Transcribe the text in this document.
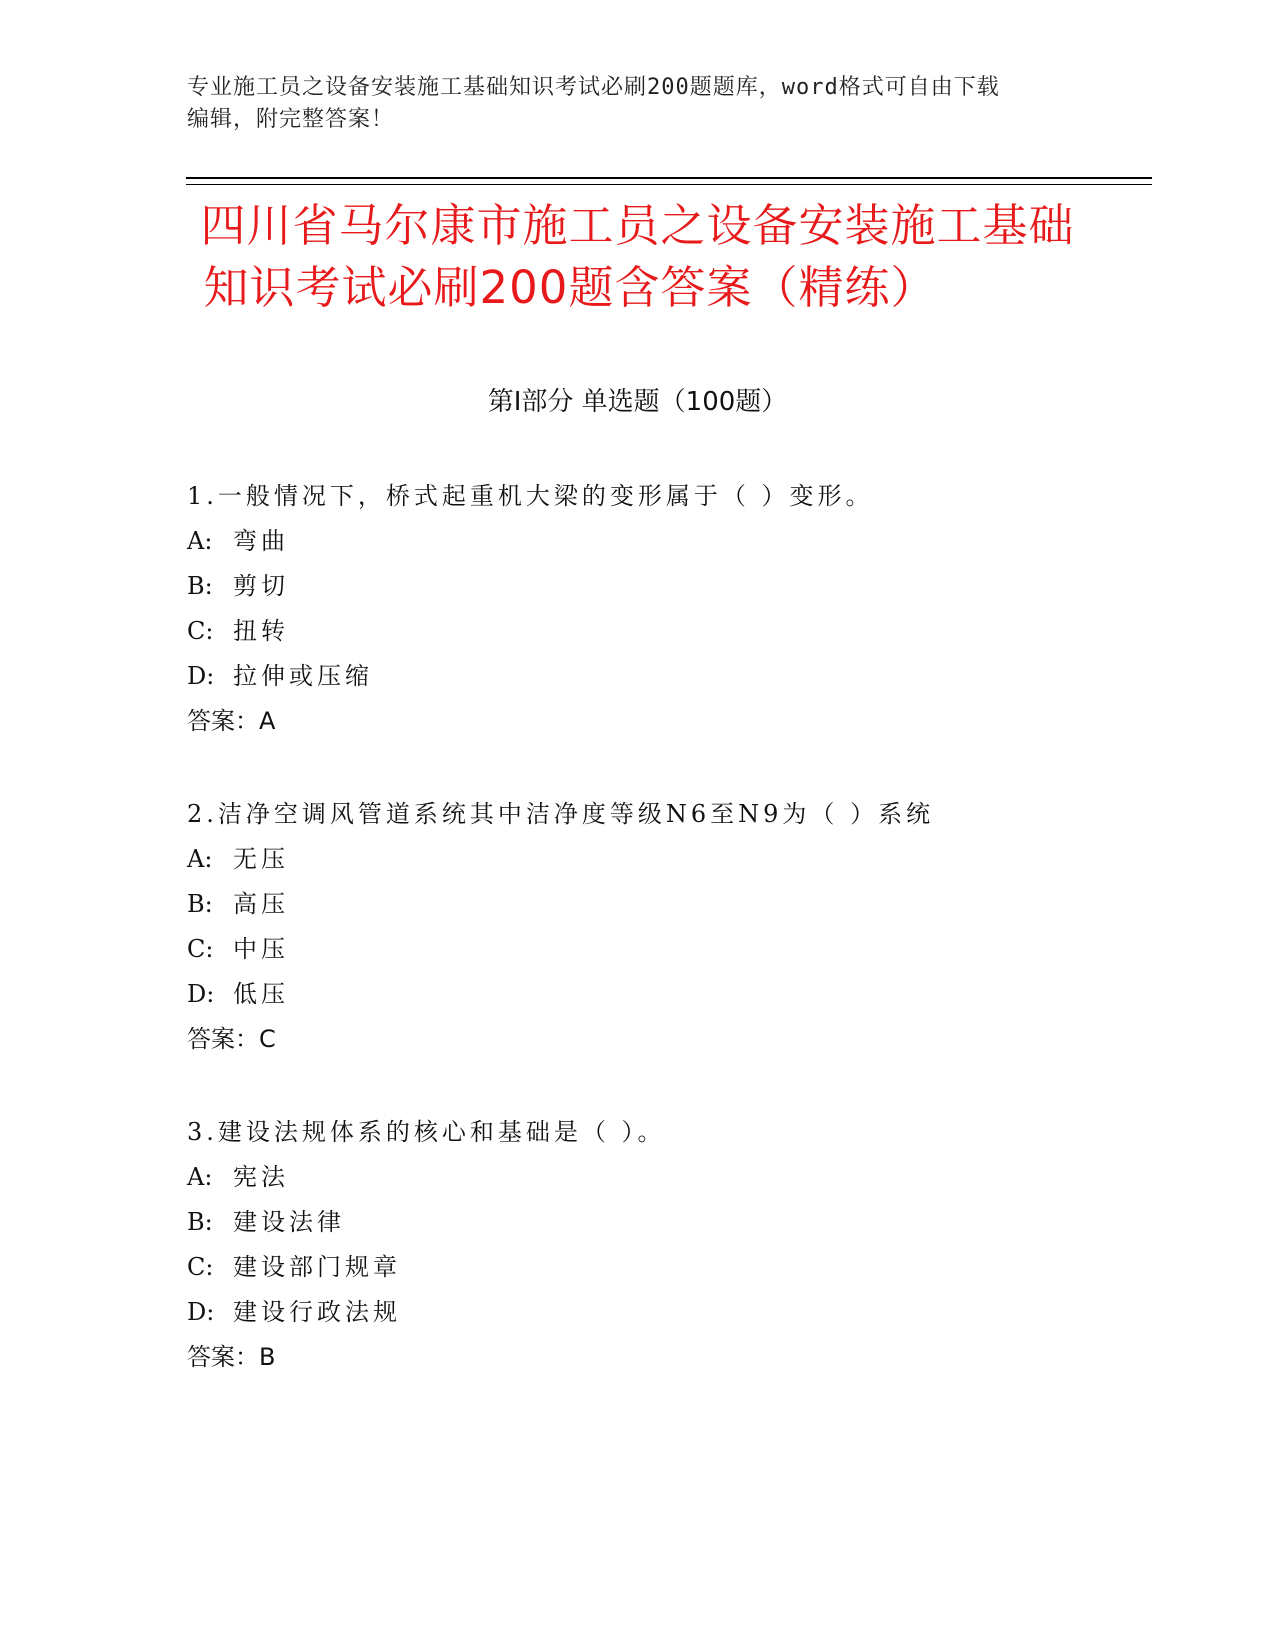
专业施工员之设备安装施工基础知识考试必刷200题题库，word格式可自由下载
编辑，附完整答案！
四川省马尔康市施工员之设备安装施工基础
知识考试必刷200题含答案（精练）
第Ⅰ部分 单选题（100题）
1.一般情况下，桥式起重机大梁的变形属于（ ）变形。
A: 弯曲
B: 剪切
C: 扭转
D: 拉伸或压缩
答案：A
2.洁净空调风管道系统其中洁净度等级N6至N9为（ ）系统
A: 无压
B: 高压
C: 中压
D: 低压
答案：C
3.建设法规体系的核心和基础是（ ）。
A: 宪法
B: 建设法律
C: 建设部门规章
D: 建设行政法规
答案：B
